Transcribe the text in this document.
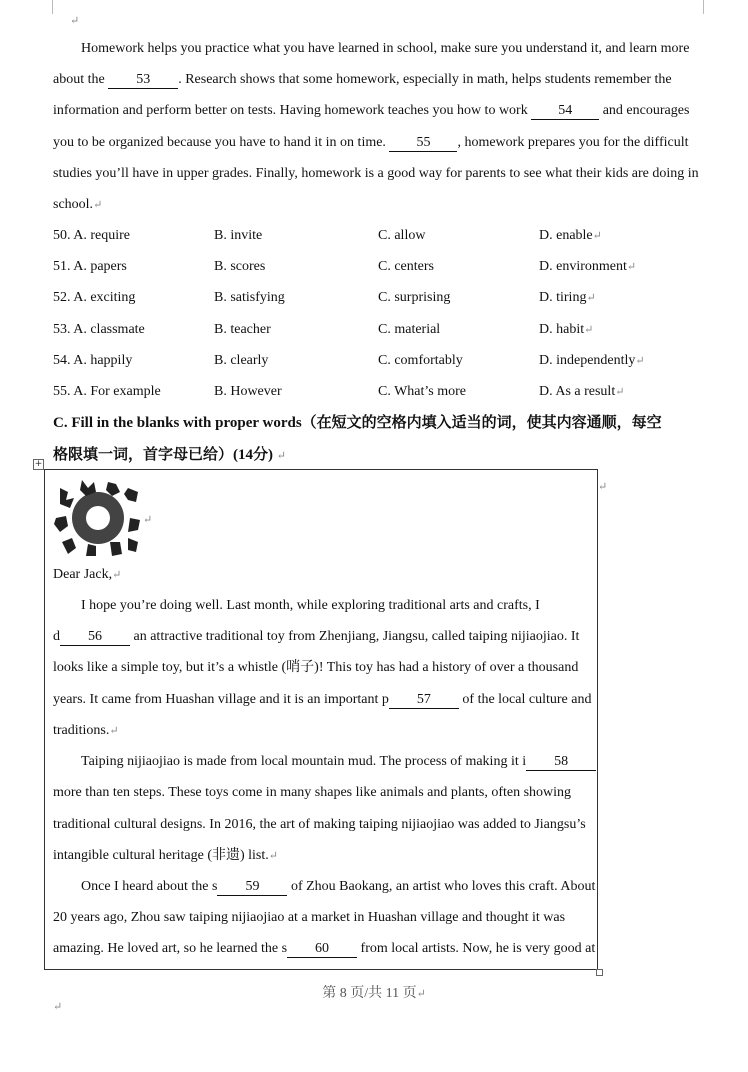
↵
Homework helps you practice what you have learned in school, make sure you understand it, and learn more
about the 53 . Research shows that some homework, especially in math, helps students remember the
information and perform better on tests. Having homework teaches you how to work 54 and encourages
you to be organized because you have to hand it in on time. 55 , homework prepares you for the difficult
studies you’ll have in upper grades. Finally, homework is a good way for parents to see what their kids are doing in
school.↵
50. A. require	B. invite	C. allow	D. enable↵
51. A. papers	B. scores	C. centers	D. environment↵
52. A. exciting	B. satisfying	C. surprising	D. tiring↵
53. A. classmate	B. teacher	C. material	D. habit↵
54. A. happily	B. clearly	C. comfortably	D. independently↵
55. A. For example	B. However	C. What’s more	D. As a result↵
C. Fill in the blanks with proper words（在短文的空格内填入适当的词，使其内容通顺，每空
格限填一词，首字母已给）(14分) ↵
+
↵
↵
Dear Jack,↵
I hope you’re doing well. Last month, while exploring traditional arts and crafts, I
d 56 an attractive traditional toy from Zhenjiang, Jiangsu, called taiping nijiaojiao. It
looks like a simple toy, but it’s a whistle (哨子)! This toy has had a history of over a thousand
years. It came from Huashan village and it is an important p 57 of the local culture and
traditions.↵
Taiping nijiaojiao is made from local mountain mud. The process of making it i 58
more than ten steps. These toys come in many shapes like animals and plants, often showing
traditional cultural designs. In 2016, the art of making taiping nijiaojiao was added to Jiangsu’s
intangible cultural heritage (非遗) list.↵
Once I heard about the s 59 of Zhou Baokang, an artist who loves this craft. About
20 years ago, Zhou saw taiping nijiaojiao at a market in Huashan village and thought it was
amazing. He loved art, so he learned the s 60 from local artists. Now, he is very good at
第 8 页/共 11 页↵
↵
